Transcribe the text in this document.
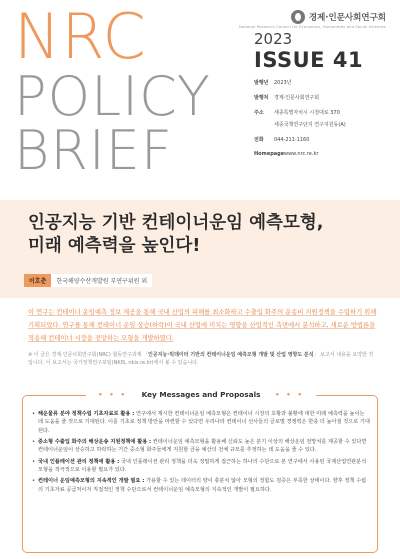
NRC
POLICY
BRIEF
경제·인문사회연구회
National Research Council for Economics, Humanities and Social Sciences
2023
ISSUE 41
발행년	2023년
발행처	경제·인문사회연구회
주소	세종특별자치시 시청대로 370
세종국책연구단지 연구지원동(A)
전화	044-211-1160
Homepage www.nrc.re.kr
인공지능 기반 컨테이너운임 예측모형,
미래 예측력을 높인다!
이호춘	한국해양수산개발원 부연구위원 외

이 연구는 컨테이너 운임예측 정보 제공을 통해 국내 산업의 피해를 최소화하고 수출입 화주의 운송비 지원정책을 수립하기 위해 기획되었다. 연구를 통해 컨테이너 운임 상승(하락)이 국내 산업에 미치는 영향을 산업적인 측면에서 분석하고, 새로운 방법론을 적용해 컨테이너 시장을 전망하는 모형을 개발하였다.

※ 이 글은 경제·인문사회연구회(NRC) 협동연구과제 「인공지능·빅데이터 기반의 컨테이너운임 예측모형 개발 및 산업 영향도 분석」 보고서 내용을 요약한 것입니다. 이 보고서는 국가정책연구포털(NKIS, nkis.re.kr)에서 볼 수 있습니다.
• • • Key Messages and Proposals • • •
• 해운물류 분야 정책수립 기초자료로 활용 : 연구에서 제시한 컨테이너운임 예측모형은 컨테이너 시장의 호황과 불황에 대한 미래 예측력을 높이는 데 도움을 줄 것으로 기대된다. 이를 기초로 정책 방안을 마련할 수 있다면 우리나라 컨테이너 선사들의 글로벌 경쟁력은 한층 더 높아질 것으로 기대된다.
• 중소형 수출입 화주의 해상운송 지원정책에 활용 : 컨테이너운임 예측모형을 활용해 신뢰도 높은 분기 이상의 해상운임 전망치를 제공할 수 있다면 컨테이너운임이 상승하고 하락하는 기간 중소형 화주들에게 지원할 금융 예산의 전체 규모를 추정하는 데 도움을 줄 수 있다.
• 국내 인플레이션 관리 정책에 활용 : 국내 인플레이션 관리 정책을 더욱 정밀하게 접근하는 하나의 수단으로 본 연구에서 사용된 국제산업연관분석 모형을 적극적으로 이용할 필요가 있다.
• 컨테이너 운임예측모형의 지속적인 개발 필요 : 가용할 수 있는 데이터의 양이 충분치 않아 모형의 정합도 검증은 부족한 상태이다. 향후 정책 수립의 기초자료 공급처이자 직접적인 정책 수단으로서 컨테이너운임 예측모형의 지속적인 개발이 필요하다.
